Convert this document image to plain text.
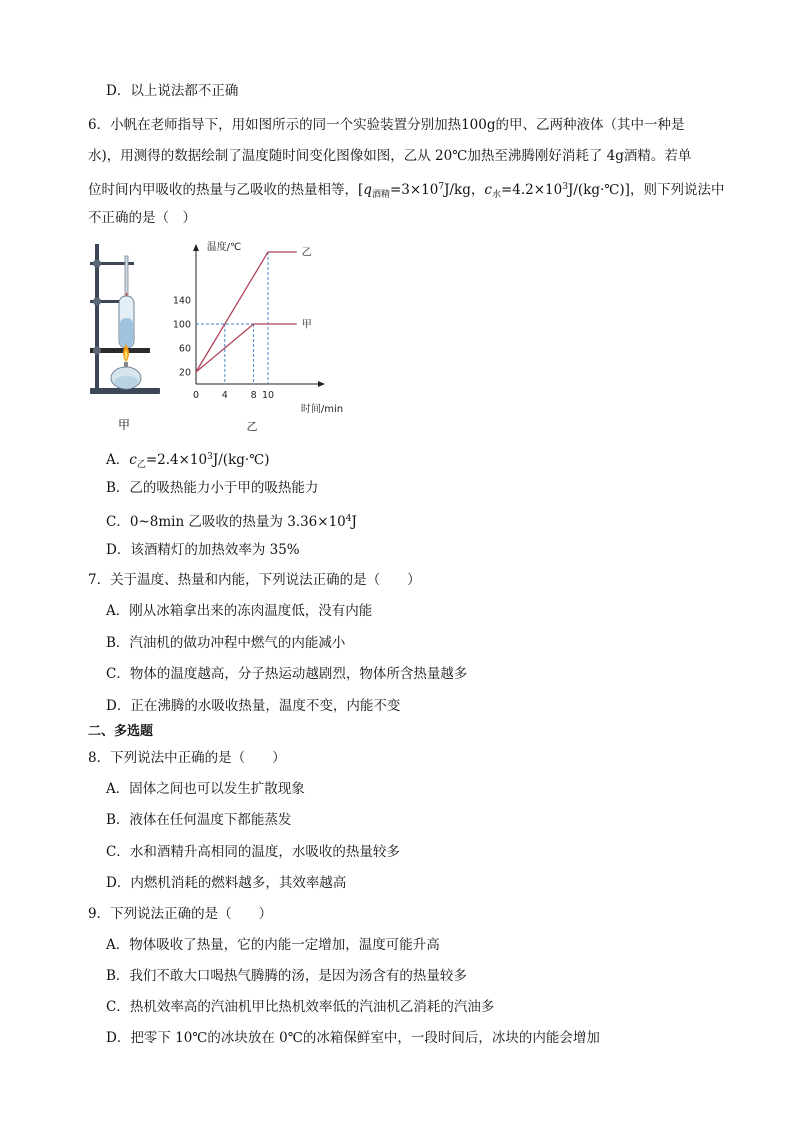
D．以上说法都不正确
6．小帆在老师指导下，用如图所示的同一个实验装置分别加热100g的甲、乙两种液体（其中一种是
水)，用测得的数据绘制了温度随时间变化图像如图，乙从 20℃加热至沸腾刚好消耗了 4g酒精。若单
位时间内甲吸收的热量与乙吸收的热量相等，[$q_{酒精}=3\times 10^7J/kg$，$c_水=4.2\times 10^3J/(kg\cdot℃)$]，则下列说法中
不正确的是（　）
甲
温度/℃
时间/min
20
60
100
140
0 4 8 10
甲
乙
乙
A．$c_乙=2.4\times 10^3J/(kg\cdot℃)$
B．乙的吸热能力小于甲的吸热能力
C．0~8min 乙吸收的热量为 $3.36\times 10^4J$
D．该酒精灯的加热效率为 35%
7．关于温度、热量和内能，下列说法正确的是（　　）
A．刚从冰箱拿出来的冻肉温度低，没有内能
B．汽油机的做功冲程中燃气的内能减小
C．物体的温度越高，分子热运动越剧烈，物体所含热量越多
D．正在沸腾的水吸收热量，温度不变，内能不变
二、多选题
8．下列说法中正确的是（　　）
A．固体之间也可以发生扩散现象
B．液体在任何温度下都能蒸发
C．水和酒精升高相同的温度，水吸收的热量较多
D．内燃机消耗的燃料越多，其效率越高
9．下列说法正确的是（　　）
A．物体吸收了热量，它的内能一定增加，温度可能升高
B．我们不敢大口喝热气腾腾的汤，是因为汤含有的热量较多
C．热机效率高的汽油机甲比热机效率低的汽油机乙消耗的汽油多
D．把零下 10℃的冰块放在 0℃的冰箱保鲜室中，一段时间后，冰块的内能会增加
